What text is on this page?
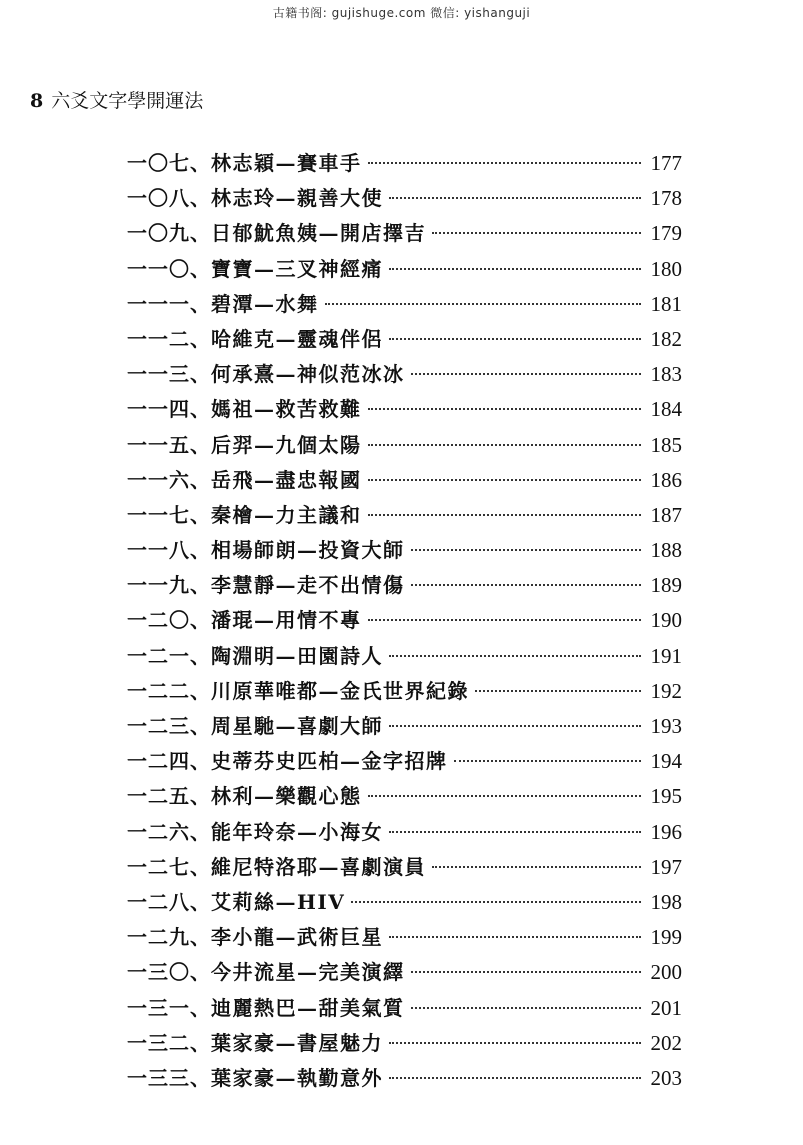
古籍书阁: gujishuge.com 微信: yishanguji
8 六爻文字學開運法
一〇七、 林志穎—賽車手	177
一〇八、 林志玲—親善大使	178
一〇九、 日郁魷魚姨—開店擇吉	179
一一〇、 寶寶—三叉神經痛	180
一一一、 碧潭—水舞	181
一一二、 哈維克—靈魂伴侶	182
一一三、 何承熹—神似范冰冰	183
一一四、 媽祖—救苦救難	184
一一五、 后羿—九個太陽	185
一一六、 岳飛—盡忠報國	186
一一七、 秦檜—力主議和	187
一一八、 相場師朗—投資大師	188
一一九、 李慧靜—走不出情傷	189
一二〇、 潘琨—用情不專	190
一二一、 陶淵明—田園詩人	191
一二二、 川原華唯都—金氏世界紀錄	192
一二三、 周星馳—喜劇大師	193
一二四、 史蒂芬史匹柏—金字招牌	194
一二五、 林利—樂觀心態	195
一二六、 能年玲奈—小海女	196
一二七、 維尼特洛耶—喜劇演員	197
一二八、 艾莉絲—HIV	198
一二九、 李小龍—武術巨星	199
一三〇、 今井流星—完美演繹	200
一三一、 迪麗熱巴—甜美氣質	201
一三二、 葉家豪—書屋魅力	202
一三三、 葉家豪—執勤意外	203
